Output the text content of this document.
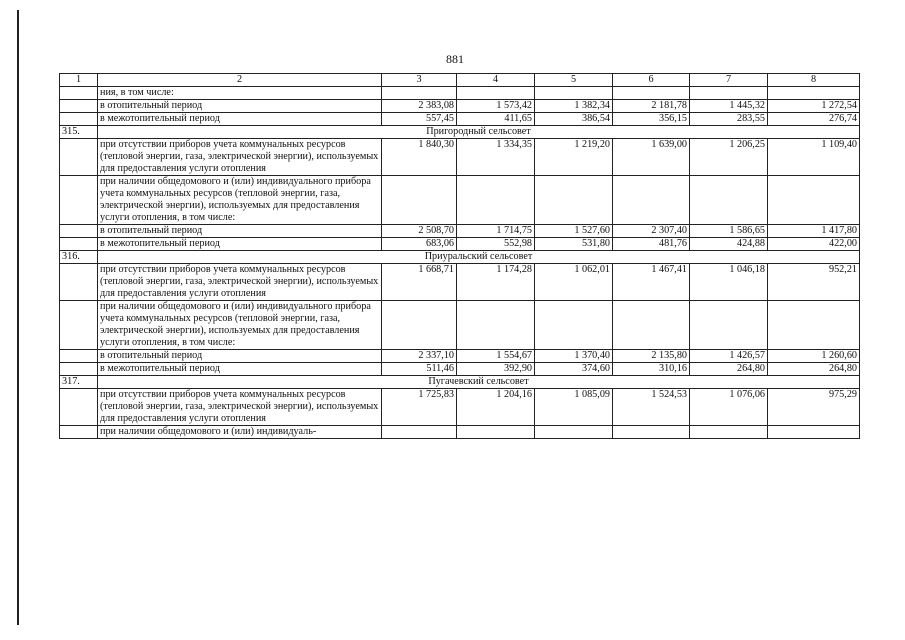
881
1	2	3	4	5	6	7	8
	ния, в том числе:						
	в отопительный период	2 383,08	1 573,42	1 382,34	2 181,78	1 445,32	1 272,54
	в межотопительный период	557,45	411,65	386,54	356,15	283,55	276,74
315.	Пригородный сельсовет						
	при отсутствии приборов учета коммунальных ресурсов (тепловой энергии, газа, электрической энергии), используемых для предоставления услуги отопления	1 840,30	1 334,35	1 219,20	1 639,00	1 206,25	1 109,40
	при наличии общедомового и (или) индивидуального прибора учета коммунальных ресурсов (тепловой энергии, газа, электрической энергии), используемых для предоставления услуги отопления, в том числе:						
	в отопительный период	2 508,70	1 714,75	1 527,60	2 307,40	1 586,65	1 417,80
	в межотопительный период	683,06	552,98	531,80	481,76	424,88	422,00
316.	Приуральский сельсовет						
	при отсутствии приборов учета коммунальных ресурсов (тепловой энергии, газа, электрической энергии), используемых для предоставления услуги отопления	1 668,71	1 174,28	1 062,01	1 467,41	1 046,18	952,21
	при наличии общедомового и (или) индивидуального прибора учета коммунальных ресурсов (тепловой энергии, газа, электрической энергии), используемых для предоставления услуги отопления, в том числе:						
	в отопительный период	2 337,10	1 554,67	1 370,40	2 135,80	1 426,57	1 260,60
	в межотопительный период	511,46	392,90	374,60	310,16	264,80	264,80
317.	Пугачевский сельсовет						
	при отсутствии приборов учета коммунальных ресурсов (тепловой энергии, газа, электрической энергии), используемых для предоставления услуги отопления	1 725,83	1 204,16	1 085,09	1 524,53	1 076,06	975,29
	при наличии общедомового и (или) индивидуаль-						
